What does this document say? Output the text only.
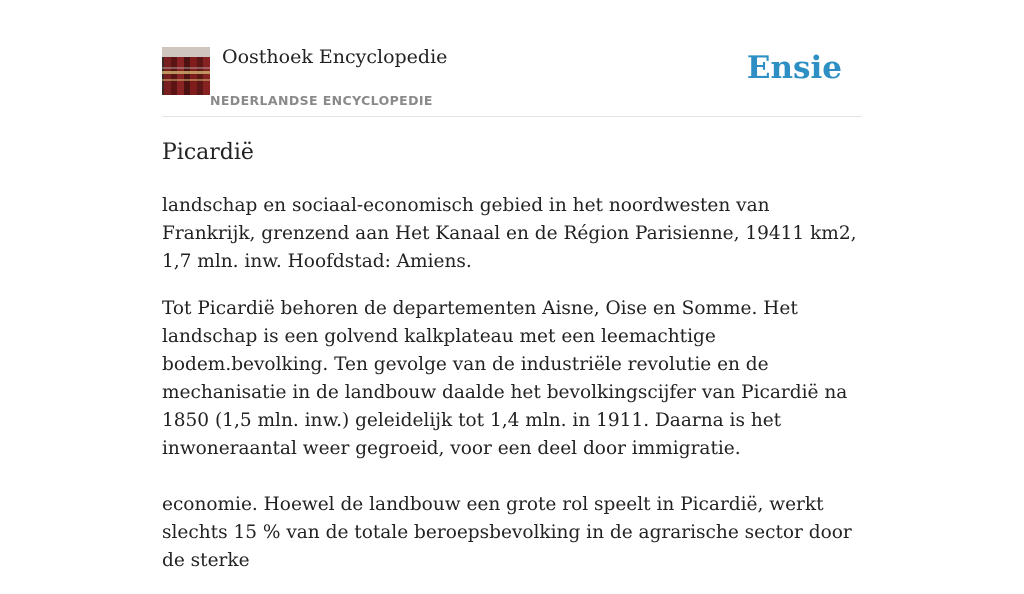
Oosthoek Encyclopedie
NEDERLANDSE ENCYCLOPEDIE
Ensie
Picardië

landschap en sociaal-economisch gebied in het noordwesten van Frankrijk, grenzend aan Het Kanaal en de Région Parisienne, 19411 km2, 1,7 mln. inw. Hoofdstad: Amiens.

Tot Picardië behoren de departementen Aisne, Oise en Somme. Het landschap is een golvend kalkplateau met een leemachtige bodem.bevolking. Ten gevolge van de industriële revolutie en de mechanisatie in de landbouw daalde het bevolkingscijfer van Picardië na 1850 (1,5 mln. inw.) geleidelijk tot 1,4 mln. in 1911. Daarna is het inwoneraantal weer gegroeid, voor een deel door immigratie.

economie. Hoewel de landbouw een grote rol speelt in Picardië, werkt slechts 15 % van de totale beroepsbevolking in de agrarische sector door de sterke
